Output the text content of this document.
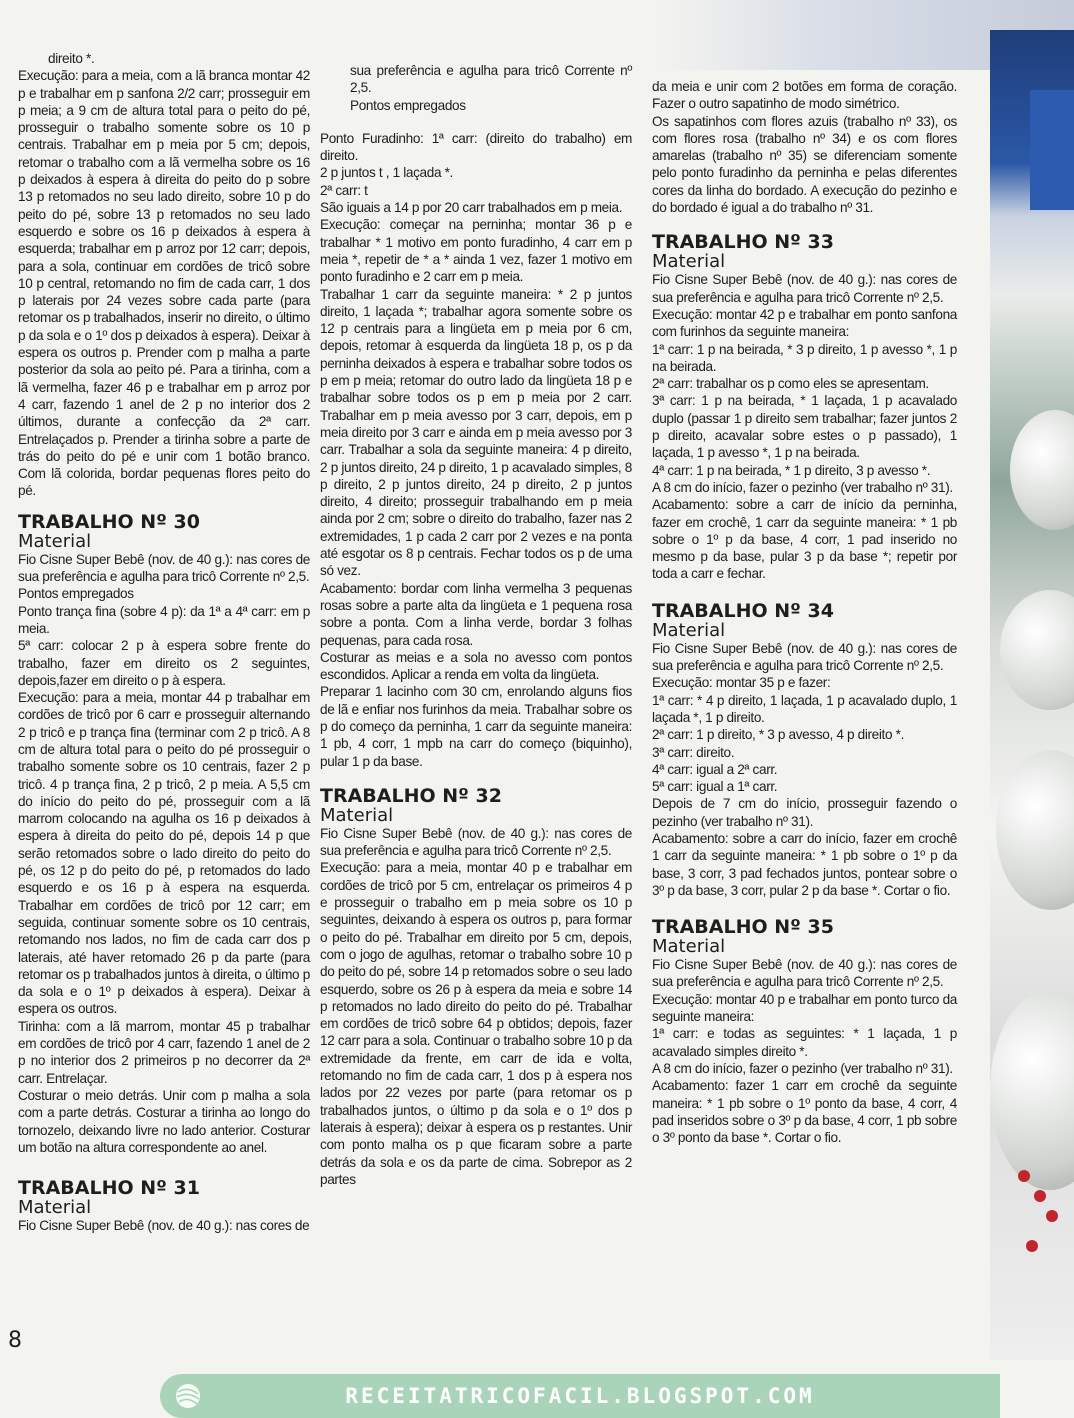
direito *.

Execução: para a meia, com a lã branca montar 42 p e trabalhar em p sanfona 2/2 carr; prosseguir em p meia; a 9 cm de altura total para o peito do pé, prosseguir o trabalho somente sobre os 10 p centrais. Trabalhar em p meia por 5 cm; depois, retomar o trabalho com a lã vermelha sobre os 16 p deixados à espera à direita do peito do p sobre 13 p retomados no seu lado direito, sobre 10 p do peito do pé, sobre 13 p retomados no seu lado esquerdo e sobre os 16 p deixados à espera à esquerda; trabalhar em p arroz por 12 carr; depois, para a sola, continuar em cordões de tricô sobre 10 p central, retomando no fim de cada carr, 1 dos p laterais por 24 vezes sobre cada parte (para retomar os p trabalhados, inserir no direito, o último p da sola e o 1º dos p deixados à espera). Deixar à espera os outros p. Prender com p malha a parte posterior da sola ao peito pé. Para a tirinha, com a lã vermelha, fazer 46 p e trabalhar em p arroz por 4 carr, fazendo 1 anel de 2 p no interior dos 2 últimos, durante a confecção da 2ª carr. Entrelaçados p. Prender a tirinha sobre a parte de trás do peito do pé e unir com 1 botão branco. Com lã colorida, bordar pequenas flores peito do pé.

TRABALHO Nº 30
Material

Fio Cisne Super Bebê (nov. de 40 g.): nas cores de sua preferência e agulha para tricô Corrente nº 2,5.

Pontos empregados

Ponto trança fina (sobre 4 p): da 1ª a 4ª carr: em p meia.

5ª carr: colocar 2 p à espera sobre frente do trabalho, fazer em direito os 2 seguintes, depois,fazer em direito o p à espera.

Execução: para a meia, montar 44 p trabalhar em cordões de tricô por 6 carr e prosseguir alternando 2 p tricô e p trança fina (terminar com 2 p tricô. A 8 cm de altura total para o peito do pé prosseguir o trabalho somente sobre os 10 centrais, fazer 2 p tricô. 4 p trança fina, 2 p tricô, 2 p meia. A 5,5 cm do início do peito do pé, prosseguir com a lã marrom colocando na agulha os 16 p deixados à espera à direita do peito do pé, depois 14 p que serão retomados sobre o lado direito do peito do pé, os 12 p do peito do pé, p retomados do lado esquerdo e os 16 p à espera na esquerda. Trabalhar em cordões de tricô por 12 carr; em seguida, continuar somente sobre os 10 centrais, retomando nos lados, no fim de cada carr dos p laterais, até haver retomado 26 p da parte (para retomar os p trabalhados juntos à direita, o último p da sola e o 1º p deixados à espera). Deixar à espera os outros.

Tirinha: com a lã marrom, montar 45 p trabalhar em cordões de tricô por 4 carr, fazendo 1 anel de 2 p no interior dos 2 primeiros p no decorrer da 2ª carr. Entrelaçar.

Costurar o meio detrás. Unir com p malha a sola com a parte detrás. Costurar a tirinha ao longo do tornozelo, deixando livre no lado anterior. Costurar um botão na altura correspondente ao anel.

TRABALHO Nº 31
Material

Fio Cisne Super Bebê (nov. de 40 g.): nas cores de

sua preferência e agulha para tricô Corrente nº 2,5.

Pontos empregados

Ponto Furadinho: 1ª carr: (direito do trabalho) em direito.

2 p juntos t , 1 laçada *.

2ª carr: t

São iguais a 14 p por 20 carr trabalhados em p meia.

Execução: começar na perninha; montar 36 p e trabalhar * 1 motivo em ponto furadinho, 4 carr em p meia *, repetir de * a * ainda 1 vez, fazer 1 motivo em ponto furadinho e 2 carr em p meia.

Trabalhar 1 carr da seguinte maneira: * 2 p juntos direito, 1 laçada *; trabalhar agora somente sobre os 12 p centrais para a lingüeta em p meia por 6 cm, depois, retomar à esquerda da lingüeta 18 p, os p da perninha deixados à espera e trabalhar sobre todos os p em p meia; retomar do outro lado da lingüeta 18 p e trabalhar sobre todos os p em p meia por 2 carr. Trabalhar em p meia avesso por 3 carr, depois, em p meia direito por 3 carr e ainda em p meia avesso por 3 carr. Trabalhar a sola da seguinte maneira: 4 p direito, 2 p juntos direito, 24 p direito, 1 p acavalado simples, 8 p direito, 2 p juntos direito, 24 p direito, 2 p juntos direito, 4 direito; prosseguir trabalhando em p meia ainda por 2 cm; sobre o direito do trabalho, fazer nas 2 extremidades, 1 p cada 2 carr por 2 vezes e na ponta até esgotar os 8 p centrais. Fechar todos os p de uma só vez.

Acabamento: bordar com linha vermelha 3 pequenas rosas sobre a parte alta da lingüeta e 1 pequena rosa sobre a ponta. Com a linha verde, bordar 3 folhas pequenas, para cada rosa.

Costurar as meias e a sola no avesso com pontos escondidos. Aplicar a renda em volta da lingüeta.

Preparar 1 lacinho com 30 cm, enrolando alguns fios de lã e enfiar nos furinhos da meia. Trabalhar sobre os p do começo da perninha, 1 carr da seguinte maneira: 1 pb, 4 corr, 1 mpb na carr do começo (biquinho), pular 1 p da base.

TRABALHO Nº 32
Material

Fio Cisne Super Bebê (nov. de 40 g.): nas cores de sua preferência e agulha para tricô Corrente nº 2,5.

Execução: para a meia, montar 40 p e trabalhar em cordões de tricô por 5 cm, entrelaçar os primeiros 4 p e prosseguir o trabalho em p meia sobre os 10 p seguintes, deixando à espera os outros p, para formar o peito do pé. Trabalhar em direito por 5 cm, depois, com o jogo de agulhas, retomar o trabalho sobre 10 p do peito do pé, sobre 14 p retomados sobre o seu lado esquerdo, sobre os 26 p à espera da meia e sobre 14 p retomados no lado direito do peito do pé. Trabalhar em cordões de tricô sobre 64 p obtidos; depois, fazer 12 carr para a sola. Continuar o trabalho sobre 10 p da extremidade da frente, em carr de ida e volta, retomando no fim de cada carr, 1 dos p à espera nos lados por 22 vezes por parte (para retomar os p trabalhados juntos, o último p da sola e o 1º dos p laterais à espera); deixar à espera os p restantes. Unir com ponto malha os p que ficaram sobre a parte detrás da sola e os da parte de cima. Sobrepor as 2 partes

da meia e unir com 2 botões em forma de coração. Fazer o outro sapatinho de modo simétrico.

Os sapatinhos com flores azuis (trabalho nº 33), os com flores rosa (trabalho nº 34) e os com flores amarelas (trabalho nº 35) se diferenciam somente pelo ponto furadinho da perninha e pelas diferentes cores da linha do bordado. A execução do pezinho e do bordado é igual a do trabalho nº 31.

TRABALHO Nº 33
Material

Fio Cisne Super Bebê (nov. de 40 g.): nas cores de sua preferência e agulha para tricô Corrente nº 2,5.

Execução: montar 42 p e trabalhar em ponto sanfona com furinhos da seguinte maneira:

1ª carr: 1 p na beirada, * 3 p direito, 1 p avesso *, 1 p na beirada.

2ª carr: trabalhar os p como eles se apresentam.

3ª carr: 1 p na beirada, * 1 laçada, 1 p acavalado duplo (passar 1 p direito sem trabalhar; fazer juntos 2 p direito, acavalar sobre estes o p passado), 1 laçada, 1 p avesso *, 1 p na beirada.

4ª carr: 1 p na beirada, * 1 p direito, 3 p avesso *.

A 8 cm do início, fazer o pezinho (ver trabalho nº 31).

Acabamento: sobre a carr de início da perninha, fazer em crochê, 1 carr da seguinte maneira: * 1 pb sobre o 1º p da base, 4 corr, 1 pad inserido no mesmo p da base, pular 3 p da base *; repetir por toda a carr e fechar.

TRABALHO Nº 34
Material

Fio Cisne Super Bebê (nov. de 40 g.): nas cores de sua preferência e agulha para tricô Corrente nº 2,5.

Execução: montar 35 p e fazer:

1ª carr: * 4 p direito, 1 laçada, 1 p acavalado duplo, 1 laçada *, 1 p direito.

2ª carr: 1 p direito, * 3 p avesso, 4 p direito *.

3ª carr: direito.

4ª carr: igual a 2ª carr.

5ª carr: igual a 1ª carr.

Depois de 7 cm do início, prosseguir fazendo o pezinho (ver trabalho nº 31).

Acabamento: sobre a carr do início, fazer em crochê 1 carr da seguinte maneira: * 1 pb sobre o 1º p da base, 3 corr, 3 pad fechados juntos, pontear sobre o 3º p da base, 3 corr, pular 2 p da base *. Cortar o fio.

TRABALHO Nº 35
Material

Fio Cisne Super Bebê (nov. de 40 g.): nas cores de sua preferência e agulha para tricô Corrente nº 2,5.

Execução: montar 40 p e trabalhar em ponto turco da seguinte maneira:

1ª carr: e todas as seguintes: * 1 laçada, 1 p acavalado simples direito *.

A 8 cm do início, fazer o pezinho (ver trabalho nº 31).

Acabamento: fazer 1 carr em crochê da seguinte maneira: * 1 pb sobre o 1º ponto da base, 4 corr, 4 pad inseridos sobre o 3º p da base, 4 corr, 1 pb sobre o 3º ponto da base *. Cortar o fio.

8
RECEITATRICOFACIL.BLOGSPOT.COM
